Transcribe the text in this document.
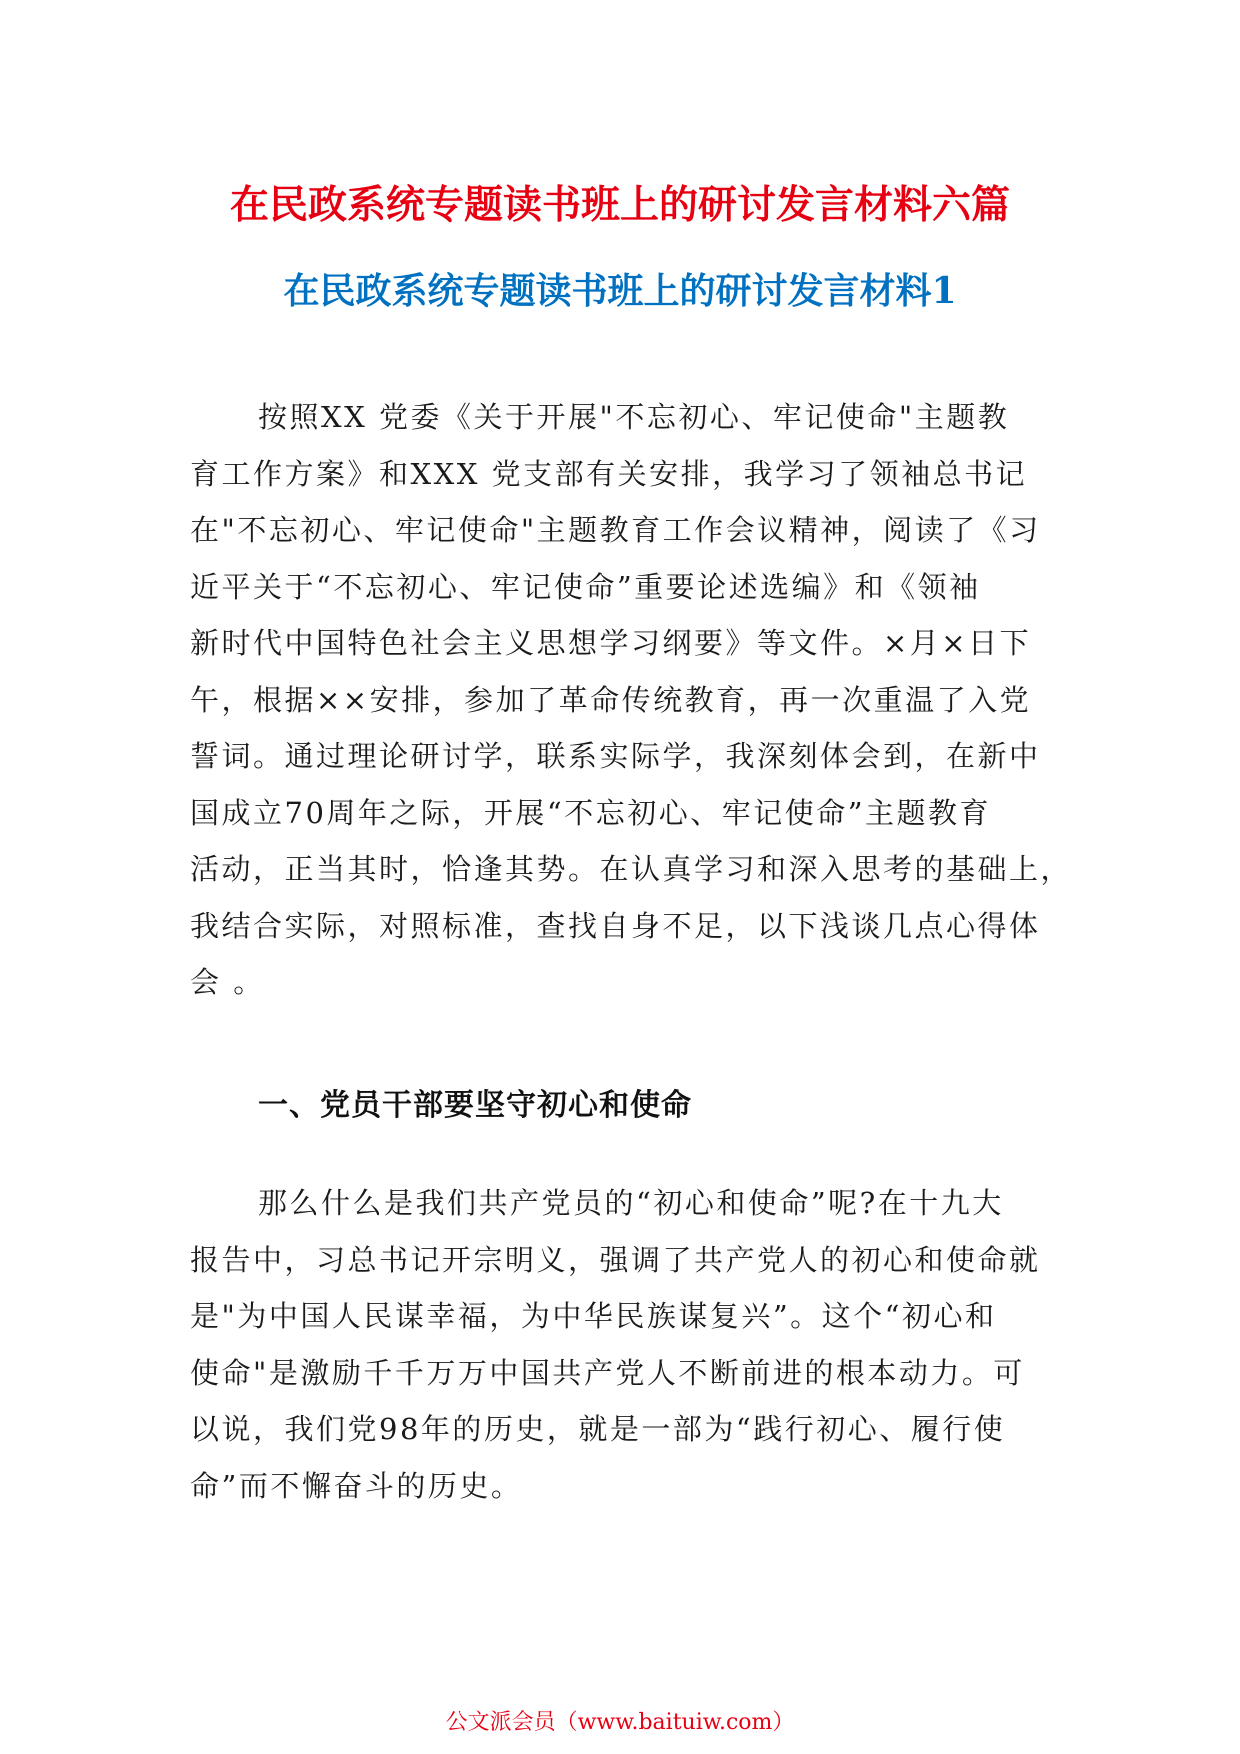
在民政系统专题读书班上的研讨发言材料六篇
在民政系统专题读书班上的研讨发言材料1
按照XX 党委《关于开展"不忘初心、牢记使命"主题教
育工作方案》和XXX 党支部有关安排，我学习了领袖总书记
在"不忘初心、牢记使命"主题教育工作会议精神，阅读了《习
近平关于“不忘初心、牢记使命”重要论述选编》和《领袖
新时代中国特色社会主义思想学习纲要》等文件。×月×日下
午，根据××安排，参加了革命传统教育，再一次重温了入党
誓词。通过理论研讨学，联系实际学，我深刻体会到，在新中
国成立70周年之际，开展“不忘初心、牢记使命”主题教育
活动，正当其时，恰逢其势。在认真学习和深入思考的基础上，
我结合实际，对照标准，查找自身不足，以下浅谈几点心得体
会 。
一、党员干部要坚守初心和使命
那么什么是我们共产党员的“初心和使命”呢?在十九大
报告中，习总书记开宗明义，强调了共产党人的初心和使命就
是"为中国人民谋幸福，为中华民族谋复兴”。这个“初心和
使命"是激励千千万万中国共产党人不断前进的根本动力。可
以说，我们党98年的历史，就是一部为“践行初心、履行使
命”而不懈奋斗的历史。
公文派会员（www.baituiw.com）
